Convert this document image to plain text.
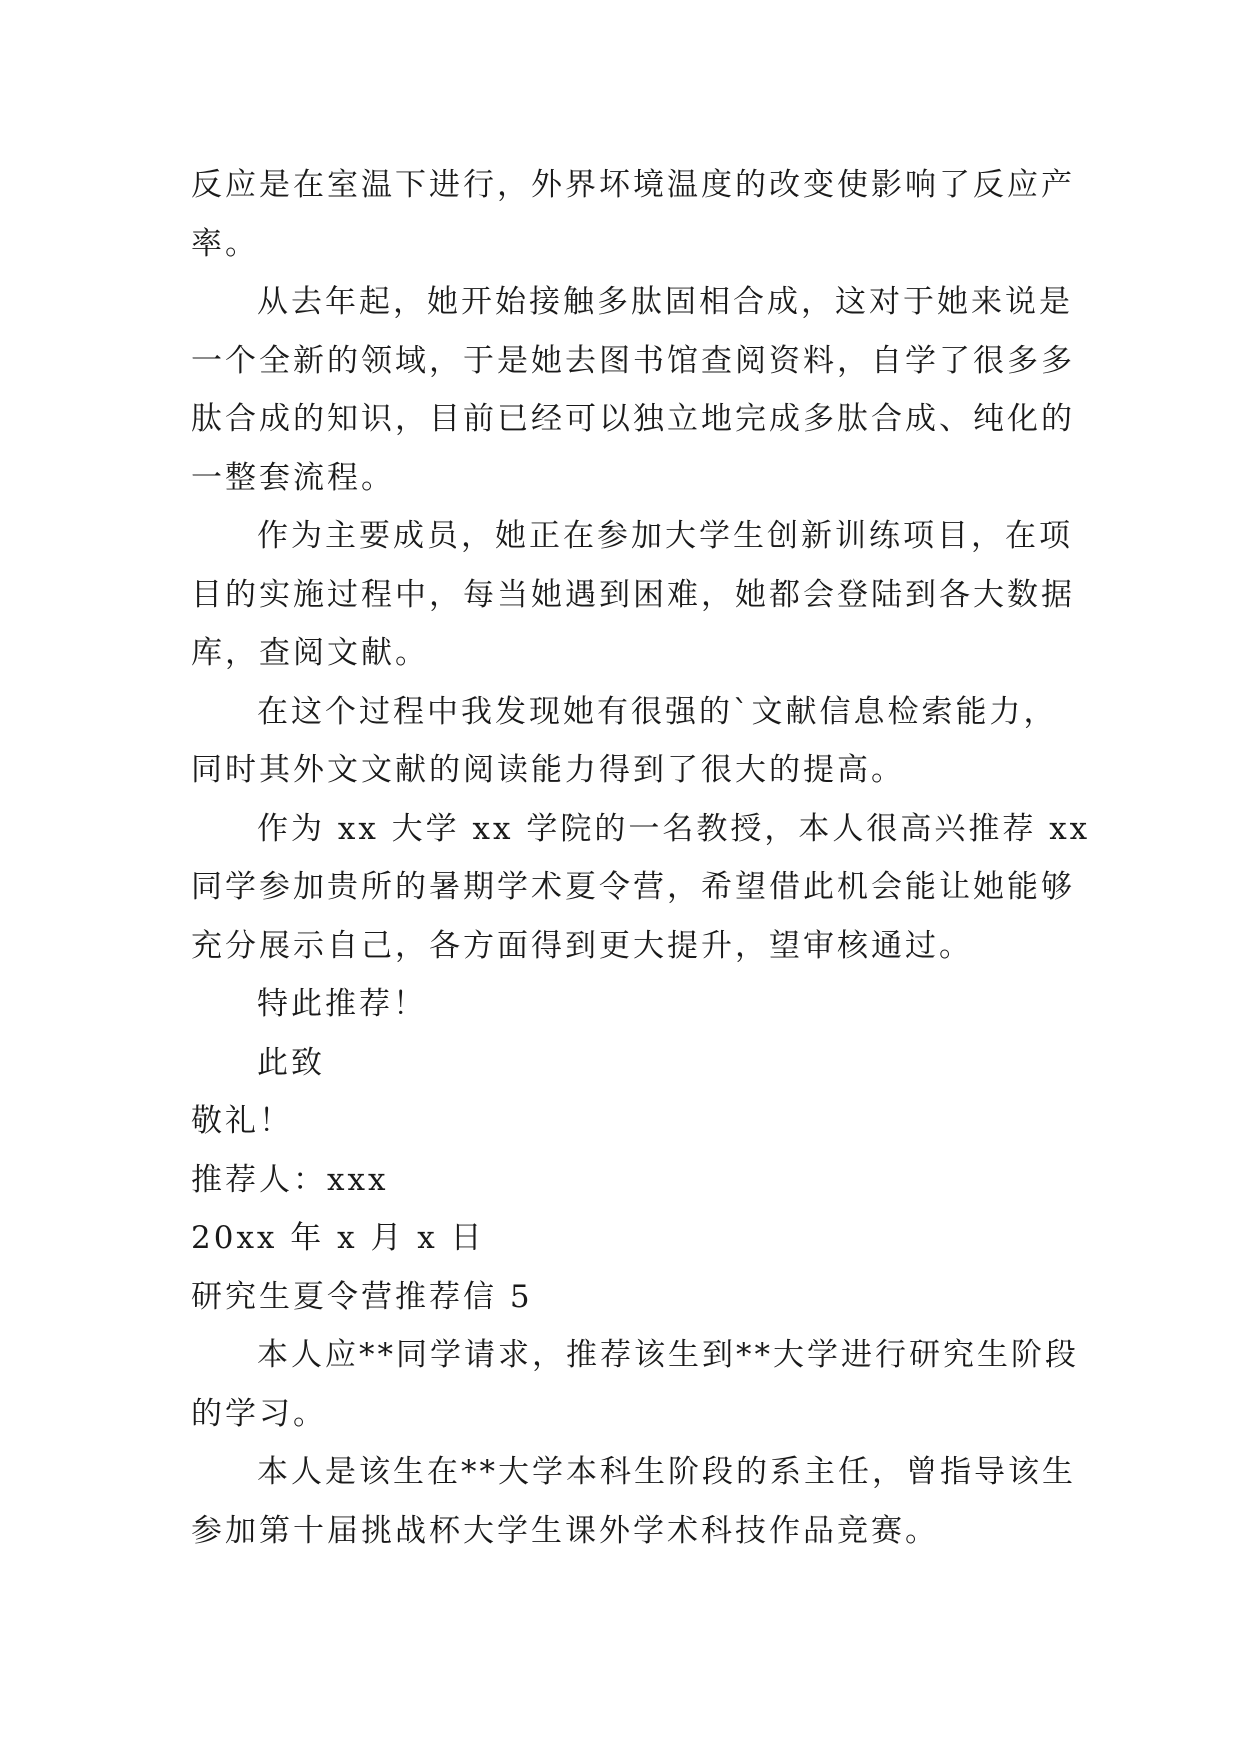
反应是在室温下进行，外界坏境温度的改变使影响了反应产
率。
从去年起，她开始接触多肽固相合成，这对于她来说是
一个全新的领域，于是她去图书馆查阅资料，自学了很多多
肽合成的知识，目前已经可以独立地完成多肽合成、纯化的
一整套流程。
作为主要成员，她正在参加大学生创新训练项目，在项
目的实施过程中，每当她遇到困难，她都会登陆到各大数据
库，查阅文献。
在这个过程中我发现她有很强的`文献信息检索能力，
同时其外文文献的阅读能力得到了很大的提高。
作为 xx 大学 xx 学院的一名教授，本人很高兴推荐 xx
同学参加贵所的暑期学术夏令营，希望借此机会能让她能够
充分展示自己，各方面得到更大提升，望审核通过。
特此推荐！
此致
敬礼！
推荐人：xxx
20xx 年 x 月 x 日
研究生夏令营推荐信 5
本人应**同学请求，推荐该生到**大学进行研究生阶段
的学习。
本人是该生在**大学本科生阶段的系主任，曾指导该生
参加第十届挑战杯大学生课外学术科技作品竞赛。
